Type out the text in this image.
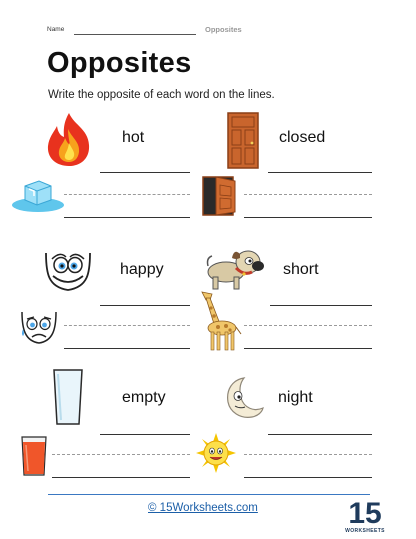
Name	Opposites
Opposites
Write the opposite of each word on the lines.
hot	closed
happy	short
empty	night
© 15Worksheets.com	15
WORKSHEETS
